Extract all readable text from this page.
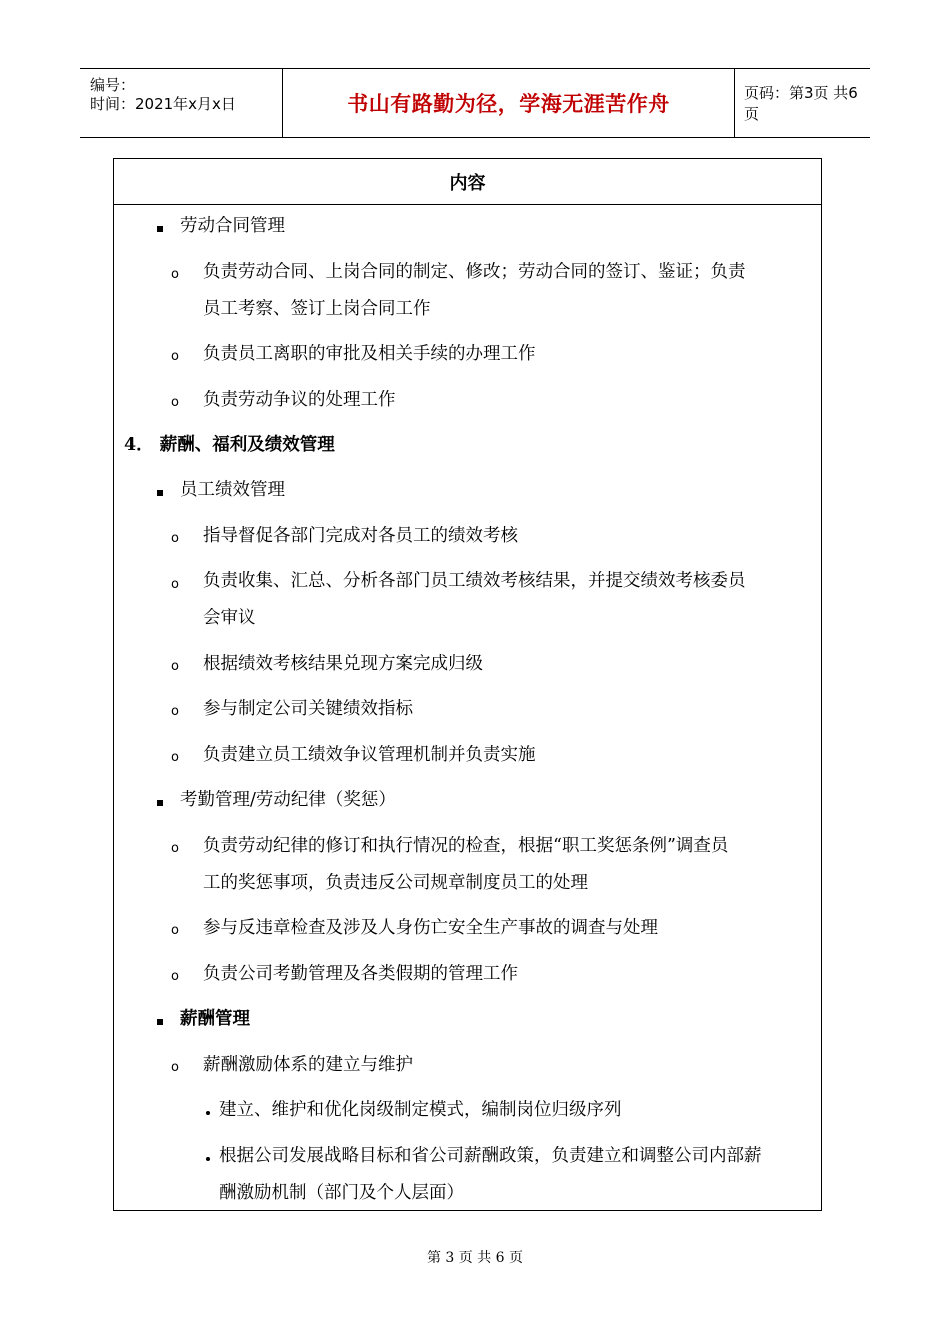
编号：
时间：2021年x月x日	书山有路勤为径，学海无涯苦作舟	页码：第3页 共6页
内容
劳动合同管理
o 负责劳动合同、上岗合同的制定、修改；劳动合同的签订、鉴证；负责
员工考察、签订上岗合同工作
o 负责员工离职的审批及相关手续的办理工作
o 负责劳动争议的处理工作
4． 薪酬、福利及绩效管理
员工绩效管理
o 指导督促各部门完成对各员工的绩效考核
o 负责收集、汇总、分析各部门员工绩效考核结果，并提交绩效考核委员
会审议
o 根据绩效考核结果兑现方案完成归级
o 参与制定公司关键绩效指标
o 负责建立员工绩效争议管理机制并负责实施
考勤管理/劳动纪律（奖惩）
o 负责劳动纪律的修订和执行情况的检查，根据“职工奖惩条例”调查员
工的奖惩事项，负责违反公司规章制度员工的处理
o 参与反违章检查及涉及人身伤亡安全生产事故的调查与处理
o 负责公司考勤管理及各类假期的管理工作
薪酬管理
o 薪酬激励体系的建立与维护
建立、维护和优化岗级制定模式，编制岗位归级序列
根据公司发展战略目标和省公司薪酬政策，负责建立和调整公司内部薪
酬激励机制（部门及个人层面）
第 3 页 共 6 页
